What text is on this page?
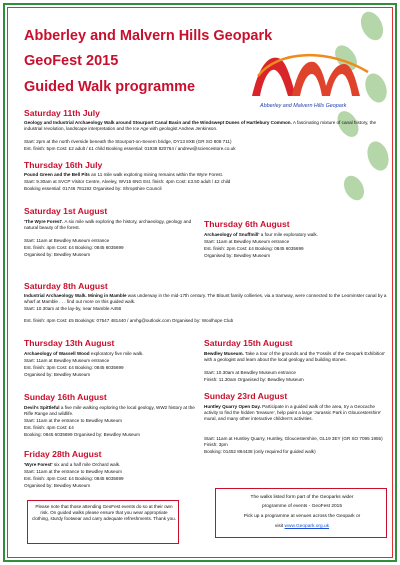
Abberley and Malvern Hills Geopark
GeoFest 2015
Guided Walk programme
Abberley and Malvern Hills Geopark
Saturday 11th July

Geology and Industrial Archaeology Walk around Stourport Canal Basin and the Windswept Dunes of Hartlebury Common. A fascinating mixture of canal history, the industrial revolution, landscape interpretation and the Ice Age with geologist Andrew Jenkinson.

Start: 2pm at the north riverside beneath the Stourport-on-Severn bridge, DY13 8XB (GR SO 808 711)

Est. finish: 5pm Cost: £2 adult / £1 child Booking essential: 01938 820764 / andrew@sciencestore.co.uk

Thursday 16th July

Pound Green and the Bell Pits an 11 mile walk exploring mining remains within the Wyre Forest.

Start: 9.30am at SVCP Visitor Centre, Alveley, WV15 6NG Est. finish: 4pm Cost: £3.50 adult / £2 child

Booking essential: 01746 781192 Organised by: Shropshire Council

Saturday 1st August

'The Wyre Forest'. A six mile walk exploring the history, archaeology, geology and natural beauty of the forest.

Start: 11am at Bewdley Museum entrance

Est. finish: 4pm Cost: £4 Booking: 0845 6035699

Organised by: Bewdley Museum

Thursday 6th August

Archaeology of Snuffmill' a four mile exploratory walk.

Start: 11am at Bewdley Museum entrance

Est. finish: 2pm Cost: £4 Booking: 0845 6035699

Organised by: Bewdley Museum

Saturday 8th August

Industrial Archaeology Walk. Mining in Mamble was underway in the mid-17th century. The Blount family collieries, via a tramway, were connected to the Leominster canal by a wharf at Mamble . . . find out more on this guided walk.

Start: 10.30am at the lay-by, near Mamble A456

Est. finish: 4pm Cost: £5 Bookings: 07547 481440 / amhg@outlook.com Organised by: Woolhope Club

Thursday 13th August

Archaeology of Wassell Wood exploratory five mile walk.

Start: 11am at Bewdley Museum entrance

Est. finish: 3pm Cost: £4 Booking: 0845 6035699

Organised by: Bewdley Museum

Saturday 15th August

Bewdley Museum. Take a tour of the grounds and the 'Fossils of the Geopark Exhibition' with a geologist and learn about the local geology and building stones.

Start: 10.30am at Bewdley Museum entrance

Finish: 11.30am Organised by: Bewdley Museum

Sunday 16th August

Devil's Spittleful a five mile walking exploring the local geology, WW2 history at the Rifle Range and wildlife.

Start: 11am at the entrance to Bewdley Museum

Est. finish: 4pm Cost: £4

Booking: 0845 6035699 Organised by: Bewdley Museum

Sunday 23rd August

Huntley Quarry Open Day. Participate in a guided walk of the area, try a Geocache activity to find the hidden 'treasure', help paint a large 'Jurassic Park in Gloucestershire' mural, and many other interactive children's activities.

Start: 11am at Huntley Quarry, Huntley, Gloucestershire, GL19 3EY (GR SO 7095 1955) Finish: 3pm

Booking: 01452 864438 (only required for guided walk)

Friday 28th August

'Wyre Forest' six and a half mile Orchard walk.

Start: 11am at the entrance to Bewdley Museum

Est. finish: 4pm Cost: £4 Booking: 0845 6035699

Organised by: Bewdley Museum

Please note that those attending GeoFest events do so at their own risk. On guided walks please ensure that you wear appropriate clothing, sturdy footwear and carry adequate refreshments. Thank you.

The walks listed form part of the Geoparks wider
programme of events - GeoFest 2015
Pick up a programme at venues across the Geopark or
visit www.Geopark.org.uk
